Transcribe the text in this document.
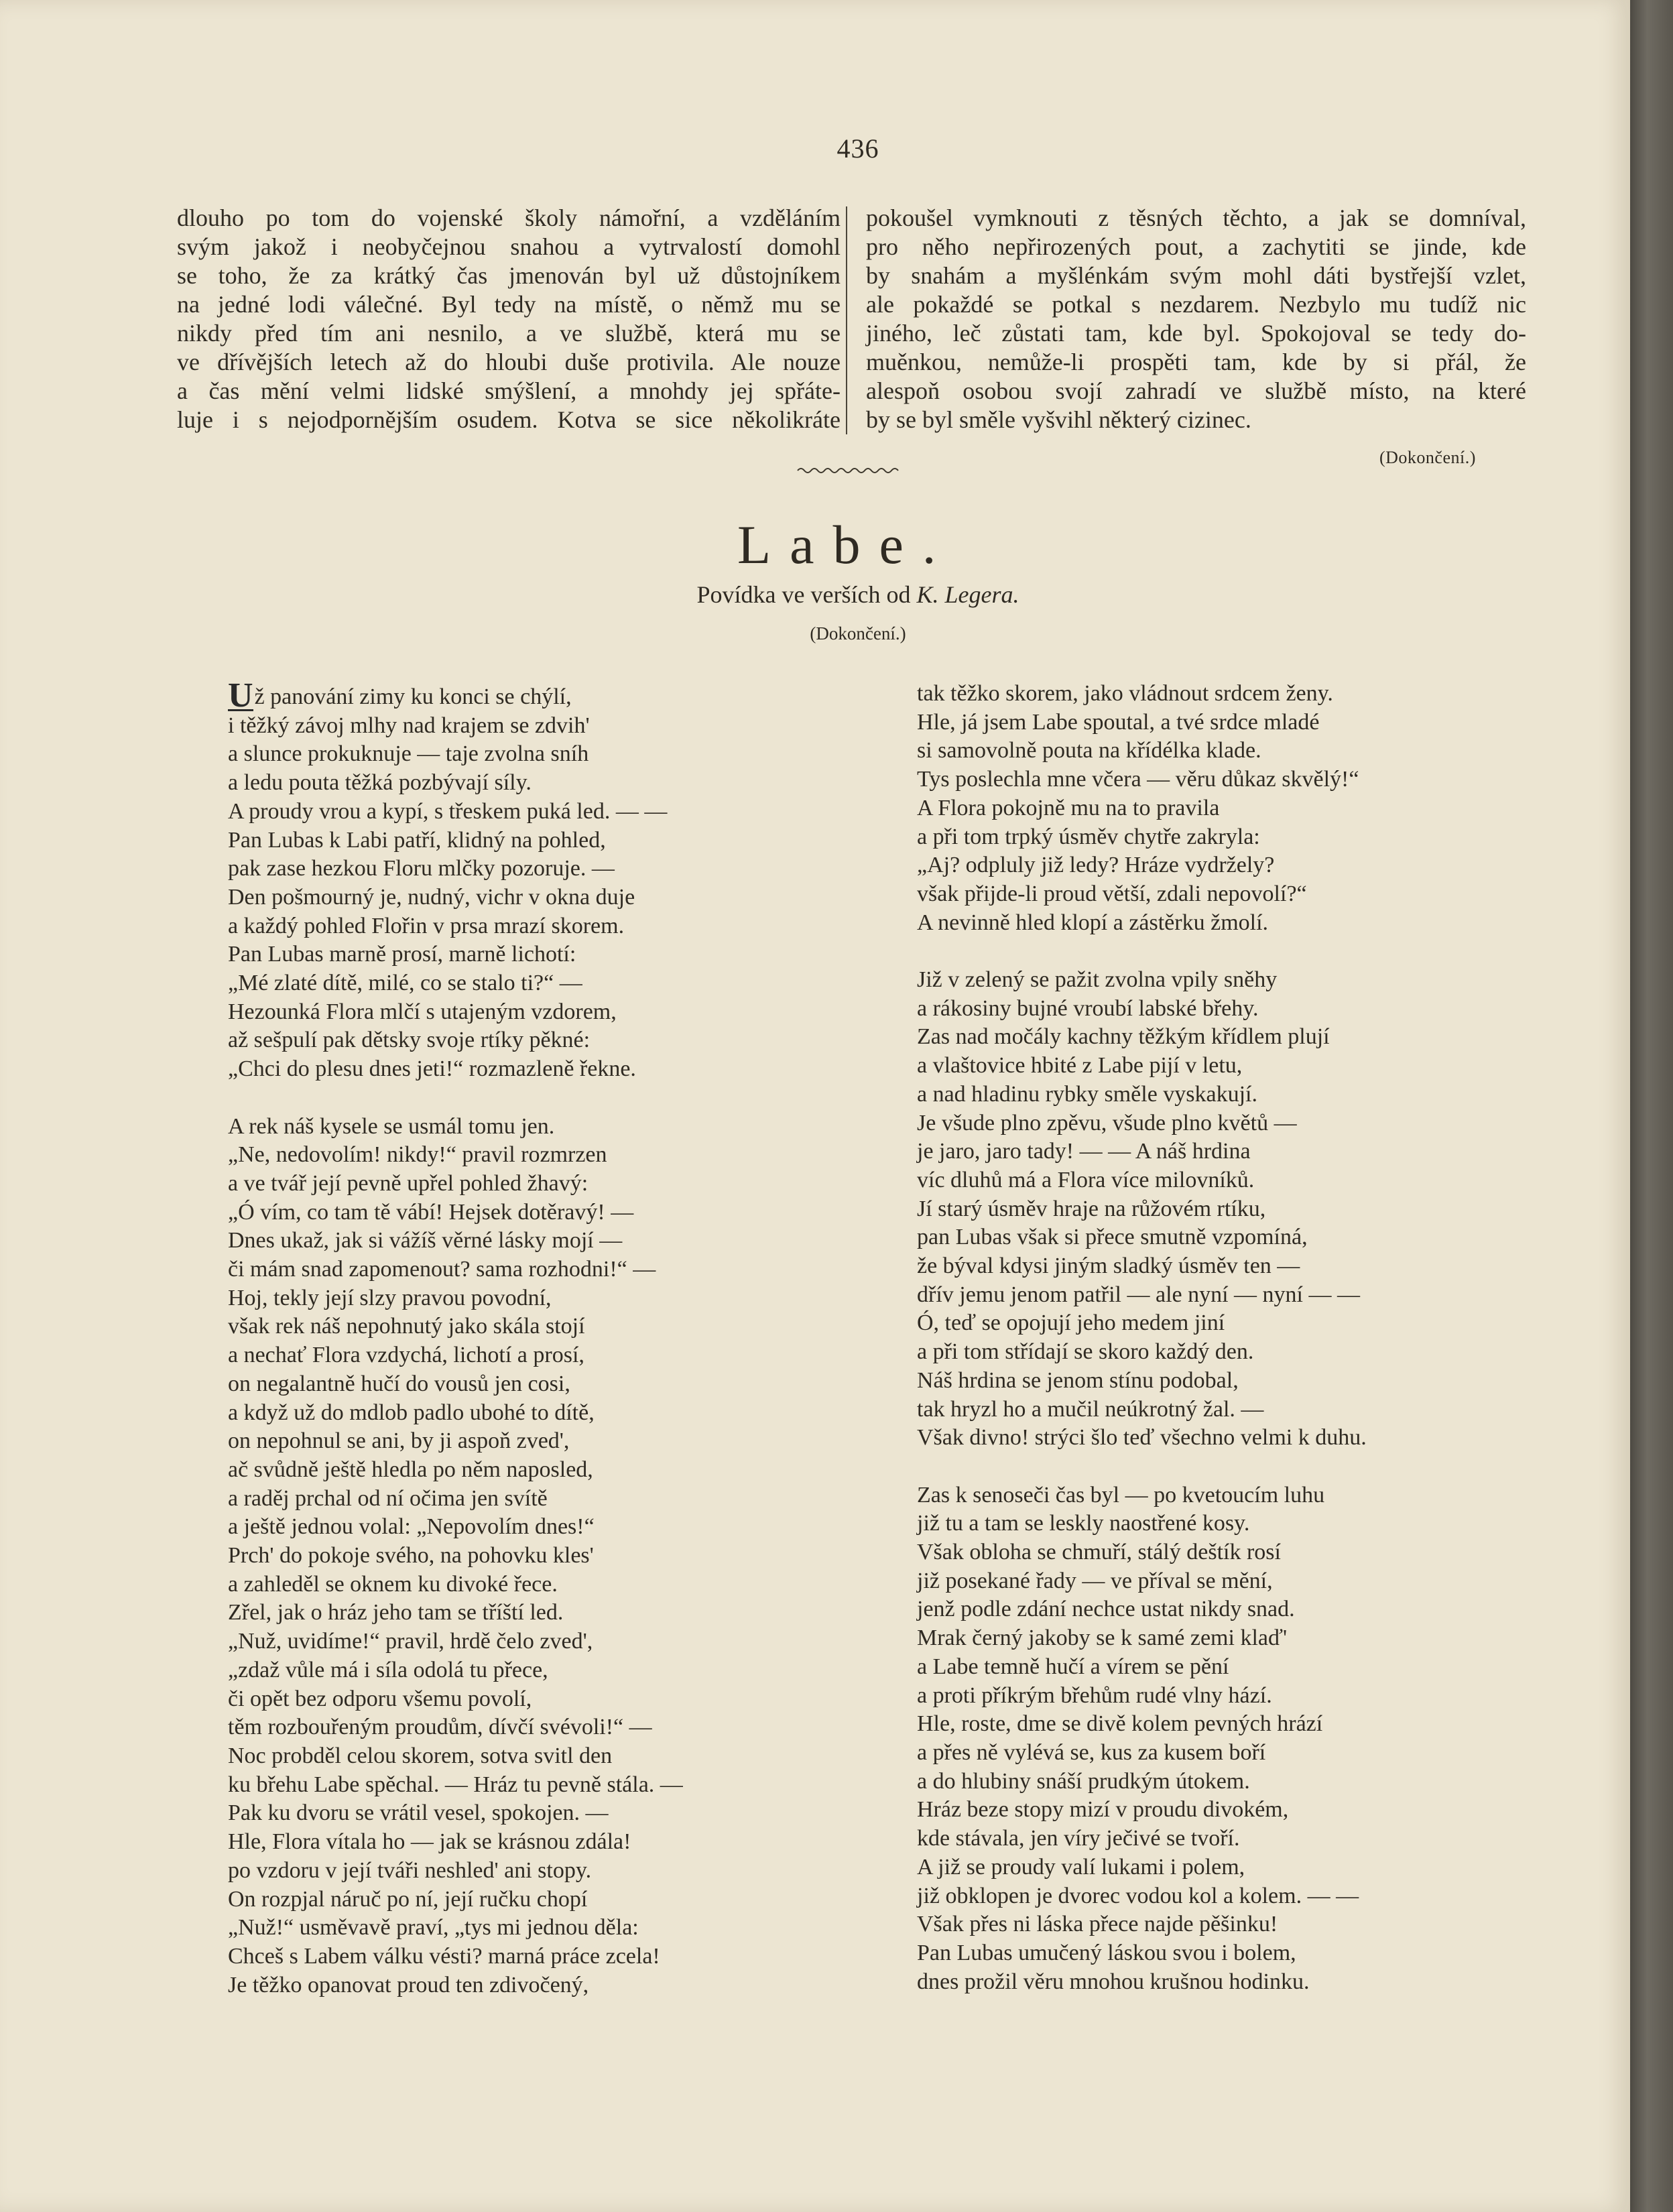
436
dlouho po tom do vojenské školy námořní, a vzděláním
svým jakož i neobyčejnou snahou a vytrvalostí domohl
se toho, že za krátký čas jmenován byl už důstojníkem
na jedné lodi válečné. Byl tedy na místě, o němž mu se
nikdy před tím ani nesnilo, a ve službě, která mu se
ve dřívějších letech až do hloubi duše protivila. Ale nouze
a čas mění velmi lidské smýšlení, a mnohdy jej spřáte-
luje i s nejodpornějším osudem. Kotva se sice několikráte
pokoušel vymknouti z těsných těchto, a jak se domníval,
pro něho nepřirozených pout, a zachytiti se jinde, kde
by snahám a myšlénkám svým mohl dáti bystřejší vzlet,
ale pokaždé se potkal s nezdarem. Nezbylo mu tudíž nic
jiného, leč zůstati tam, kde byl. Spokojoval se tedy do-
muěnkou, nemůže-li prospěti tam, kde by si přál, že
alespoň osobou svojí zahradí ve službě místo, na které
by se byl směle vyšvihl některý cizinec.
(Dokončení.)
Labe.
Povídka ve verších od K. Legera.
(Dokončení.)
Už panování zimy ku konci se chýlí,
i těžký závoj mlhy nad krajem se zdvih'
a slunce prokuknuje — taje zvolna sníh
a ledu pouta těžká pozbývají síly.
A proudy vrou a kypí, s třeskem puká led. — —
Pan Lubas k Labi patří, klidný na pohled,
pak zase hezkou Floru mlčky pozoruje. —
Den pošmourný je, nudný, vichr v okna duje
a každý pohled Flořin v prsa mrazí skorem.
Pan Lubas marně prosí, marně lichotí:
„Mé zlaté dítě, milé, co se stalo ti?“ —
Hezounká Flora mlčí s utajeným vzdorem,
až sešpulí pak dětsky svoje rtíky pěkné:
„Chci do plesu dnes jeti!“ rozmazleně řekne.
A rek náš kysele se usmál tomu jen.
„Ne, nedovolím! nikdy!“ pravil rozmrzen
a ve tvář její pevně upřel pohled žhavý:
„Ó vím, co tam tě vábí! Hejsek dotěravý! —
Dnes ukaž, jak si vážíš věrné lásky mojí —
či mám snad zapomenout? sama rozhodni!“ —
Hoj, tekly její slzy pravou povodní,
však rek náš nepohnutý jako skála stojí
a nechať Flora vzdychá, lichotí a prosí,
on negalantně hučí do vousů jen cosi,
a když už do mdlob padlo ubohé to dítě,
on nepohnul se ani, by ji aspoň zved',
ač svůdně ještě hledla po něm naposled,
a raděj prchal od ní očima jen svítě
a ještě jednou volal: „Nepovolím dnes!“
Prch' do pokoje svého, na pohovku kles'
a zahleděl se oknem ku divoké řece.
Zřel, jak o hráz jeho tam se tříští led.
„Nuž, uvidíme!“ pravil, hrdě čelo zved',
„zdaž vůle má i síla odolá tu přece,
či opět bez odporu všemu povolí,
těm rozbouřeným proudům, dívčí svévoli!“ —
Noc probděl celou skorem, sotva svitl den
ku břehu Labe spěchal. — Hráz tu pevně stála. —
Pak ku dvoru se vrátil vesel, spokojen. —
Hle, Flora vítala ho — jak se krásnou zdála!
po vzdoru v její tváři neshled' ani stopy.
On rozpjal náruč po ní, její ručku chopí
„Nuž!“ usměvavě praví, „tys mi jednou děla:
Chceš s Labem válku vésti? marná práce zcela!
Je těžko opanovat proud ten zdivočený,
tak těžko skorem, jako vládnout srdcem ženy.
Hle, já jsem Labe spoutal, a tvé srdce mladé
si samovolně pouta na křídélka klade.
Tys poslechla mne včera — věru důkaz skvělý!“
A Flora pokojně mu na to pravila
a při tom trpký úsměv chytře zakryla:
„Aj? odpluly již ledy? Hráze vydržely?
však přijde-li proud větší, zdali nepovolí?“
A nevinně hled klopí a zástěrku žmolí.
Již v zelený se pažit zvolna vpily sněhy
a rákosiny bujné vroubí labské břehy.
Zas nad močály kachny těžkým křídlem plují
a vlaštovice hbité z Labe pijí v letu,
a nad hladinu rybky směle vyskakují.
Je všude plno zpěvu, všude plno květů —
je jaro, jaro tady! — — A náš hrdina
víc dluhů má a Flora více milovníků.
Jí starý úsměv hraje na růžovém rtíku,
pan Lubas však si přece smutně vzpomíná,
že býval kdysi jiným sladký úsměv ten —
dřív jemu jenom patřil — ale nyní — nyní — —
Ó, teď se opojují jeho medem jiní
a při tom střídají se skoro každý den.
Náš hrdina se jenom stínu podobal,
tak hryzl ho a mučil neúkrotný žal. —
Však divno! strýci šlo teď všechno velmi k duhu.
Zas k senoseči čas byl — po kvetoucím luhu
již tu a tam se leskly naostřené kosy.
Však obloha se chmuří, stálý deštík rosí
již posekané řady — ve příval se mění,
jenž podle zdání nechce ustat nikdy snad.
Mrak černý jakoby se k samé zemi klaď'
a Labe temně hučí a vírem se pění
a proti příkrým břehům rudé vlny hází.
Hle, roste, dme se divě kolem pevných hrází
a přes ně vylévá se, kus za kusem boří
a do hlubiny snáší prudkým útokem.
Hráz beze stopy mizí v proudu divokém,
kde stávala, jen víry ječivé se tvoří.
A již se proudy valí lukami i polem,
již obklopen je dvorec vodou kol a kolem. — —
Však přes ni láska přece najde pěšinku!
Pan Lubas umučený láskou svou i bolem,
dnes prožil věru mnohou krušnou hodinku.
